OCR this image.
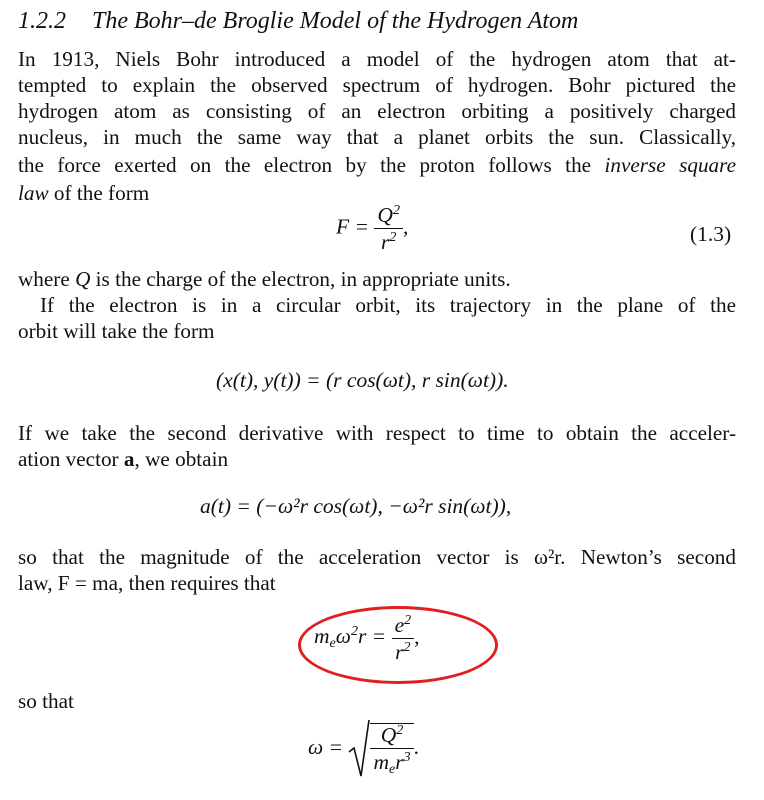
1.2.2 The Bohr–de Broglie Model of the Hydrogen Atom
In 1913, Niels Bohr introduced a model of the hydrogen atom that at-
tempted to explain the observed spectrum of hydrogen. Bohr pictured the
hydrogen atom as consisting of an electron orbiting a positively charged
nucleus, in much the same way that a planet orbits the sun. Classically,
the force exerted on the electron by the proton follows the inverse square
law of the form
$F = \frac{Q^2}{r^2}$ ,	(1.3)
where Q is the charge of the electron, in appropriate units.
If the electron is in a circular orbit, its trajectory in the plane of the
orbit will take the form
(x(t), y(t)) = (r cos(ωt), r sin(ωt)).
If we take the second derivative with respect to time to obtain the acceler-
ation vector a, we obtain
a(t) = (−ω²r cos(ωt), −ω²r sin(ωt)),
so that the magnitude of the acceleration vector is ω²r. Newton’s second
law, F = ma, then requires that
$m_e\omega^2r = \frac{e^2}{r^2}$ ,
so that
$\omega = \frac{Q^2}{m_er^3}$ .
